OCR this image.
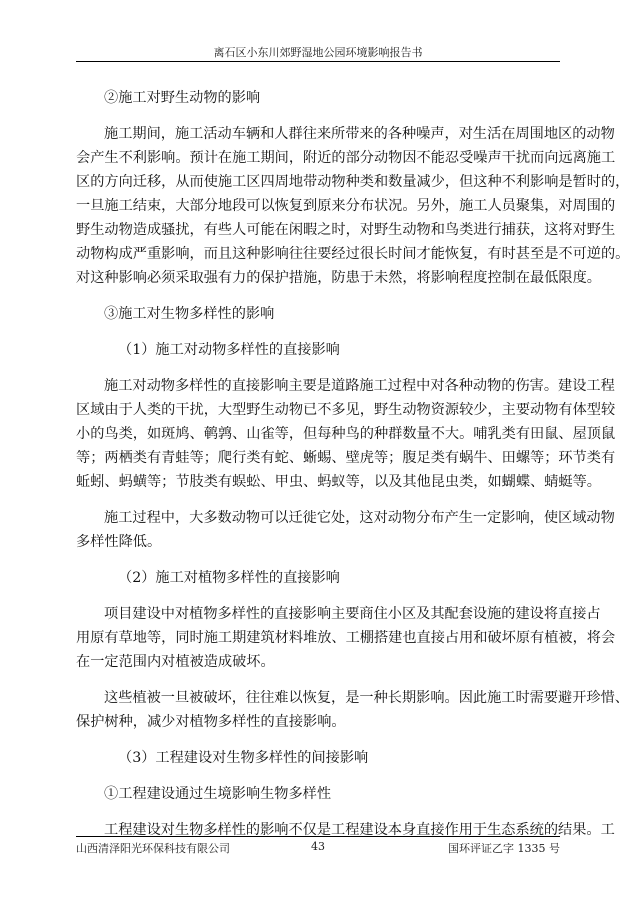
离石区小东川郊野湿地公园环境影响报告书
②施工对野生动物的影响
施工期间，施工活动车辆和人群往来所带来的各种噪声，对生活在周围地区的动物
会产生不利影响。预计在施工期间，附近的部分动物因不能忍受噪声干扰而向远离施工
区的方向迁移，从而使施工区四周地带动物种类和数量减少，但这种不利影响是暂时的，
一旦施工结束，大部分地段可以恢复到原来分布状况。另外，施工人员聚集，对周围的
野生动物造成骚扰，有些人可能在闲暇之时，对野生动物和鸟类进行捕获，这将对野生
动物构成严重影响，而且这种影响往往要经过很长时间才能恢复，有时甚至是不可逆的。
对这种影响必须采取强有力的保护措施，防患于未然，将影响程度控制在最低限度。
③施工对生物多样性的影响
（1）施工对动物多样性的直接影响
施工对动物多样性的直接影响主要是道路施工过程中对各种动物的伤害。建设工程
区域由于人类的干扰，大型野生动物已不多见，野生动物资源较少，主要动物有体型较
小的鸟类，如斑鸠、鹌鹑、山雀等，但每种鸟的种群数量不大。哺乳类有田鼠、屋顶鼠
等；两栖类有青蛙等；爬行类有蛇、蜥蜴、壁虎等；腹足类有蜗牛、田螺等；环节类有
蚯蚓、蚂蟥等；节肢类有蜈蚣、甲虫、蚂蚁等，以及其他昆虫类，如蝴蝶、蜻蜓等。
施工过程中，大多数动物可以迁徙它处，这对动物分布产生一定影响，使区域动物
多样性降低。
（2）施工对植物多样性的直接影响
项目建设中对植物多样性的直接影响主要商住小区及其配套设施的建设将直接占
用原有草地等，同时施工期建筑材料堆放、工棚搭建也直接占用和破坏原有植被，将会
在一定范围内对植被造成破坏。
这些植被一旦被破坏，往往难以恢复，是一种长期影响。因此施工时需要避开珍惜、
保护树种，减少对植物多样性的直接影响。
（3）工程建设对生物多样性的间接影响
①工程建设通过生境影响生物多样性
工程建设对生物多样性的影响不仅是工程建设本身直接作用于生态系统的结果。工
山西清泽阳光环保科技有限公司	43	国环评证乙字 1335 号
